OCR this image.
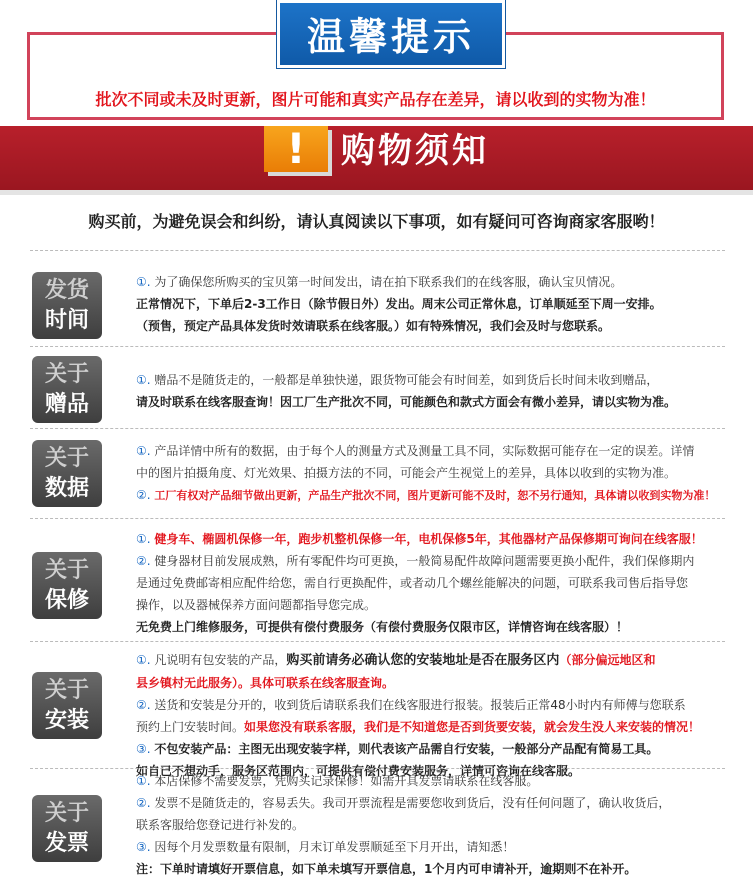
温馨提示
批次不同或未及时更新，图片可能和真实产品存在差异，请以收到的实物为准！
!	购物须知
购买前，为避免误会和纠纷，请认真阅读以下事项，如有疑问可咨询商家客服哟！
发货
时间
①. 为了确保您所购买的宝贝第一时间发出，请在拍下联系我们的在线客服，确认宝贝情况。
正常情况下，下单后2-3工作日（除节假日外）发出。周末公司正常休息，订单顺延至下周一安排。
（预售，预定产品具体发货时效请联系在线客服。）如有特殊情况，我们会及时与您联系。
关于
赠品
①. 赠品不是随货走的，一般都是单独快递，跟货物可能会有时间差，如到货后长时间未收到赠品，
请及时联系在线客服查询！因工厂生产批次不同，可能颜色和款式方面会有微小差异，请以实物为准。
关于
数据
①. 产品详情中所有的数据，由于每个人的测量方式及测量工具不同，实际数据可能存在一定的误差。详情
中的图片拍摄角度、灯光效果、拍摄方法的不同，可能会产生视觉上的差异，具体以收到的实物为准。
②. 工厂有权对产品细节做出更新，产品生产批次不同，图片更新可能不及时，恕不另行通知，具体请以收到实物为准！
关于
保修
①. 健身车、椭圆机保修一年，跑步机整机保修一年，电机保修5年，其他器材产品保修期可询问在线客服！
②. 健身器材目前发展成熟，所有零配件均可更换，一般简易配件故障问题需要更换小配件，我们保修期内
是通过免费邮寄相应配件给您，需自行更换配件，或者动几个螺丝能解决的问题，可联系我司售后指导您
操作，以及器械保养方面问题都指导您完成。
无免费上门维修服务，可提供有偿付费服务（有偿付费服务仅限市区，详情咨询在线客服）！
关于
安装
①. 凡说明有包安装的产品，购买前请务必确认您的安装地址是否在服务区内（部分偏远地区和
县乡镇村无此服务）。具体可联系在线客服查询。
②. 送货和安装是分开的，收到货后请联系我们在线客服进行报装。报装后正常48小时内有师傅与您联系
预约上门安装时间。如果您没有联系客服，我们是不知道您是否到货要安装，就会发生没人来安装的情况！
③. 不包安装产品：主图无出现安装字样，则代表该产品需自行安装，一般部分产品配有简易工具。
如自已不想动手，服务区范围内，可提供有偿付费安装服务，详情可咨询在线客服。
关于
发票
①. 本店保修不需要发票，凭购买记录保修！如需开具发票请联系在线客服。
②. 发票不是随货走的，容易丢失。我司开票流程是需要您收到货后，没有任何问题了，确认收货后，
联系客服给您登记进行补发的。
③. 因每个月发票数量有限制，月末订单发票顺延至下月开出，请知悉！
注：下单时请填好开票信息，如下单未填写开票信息，1个月内可申请补开，逾期则不在补开。
